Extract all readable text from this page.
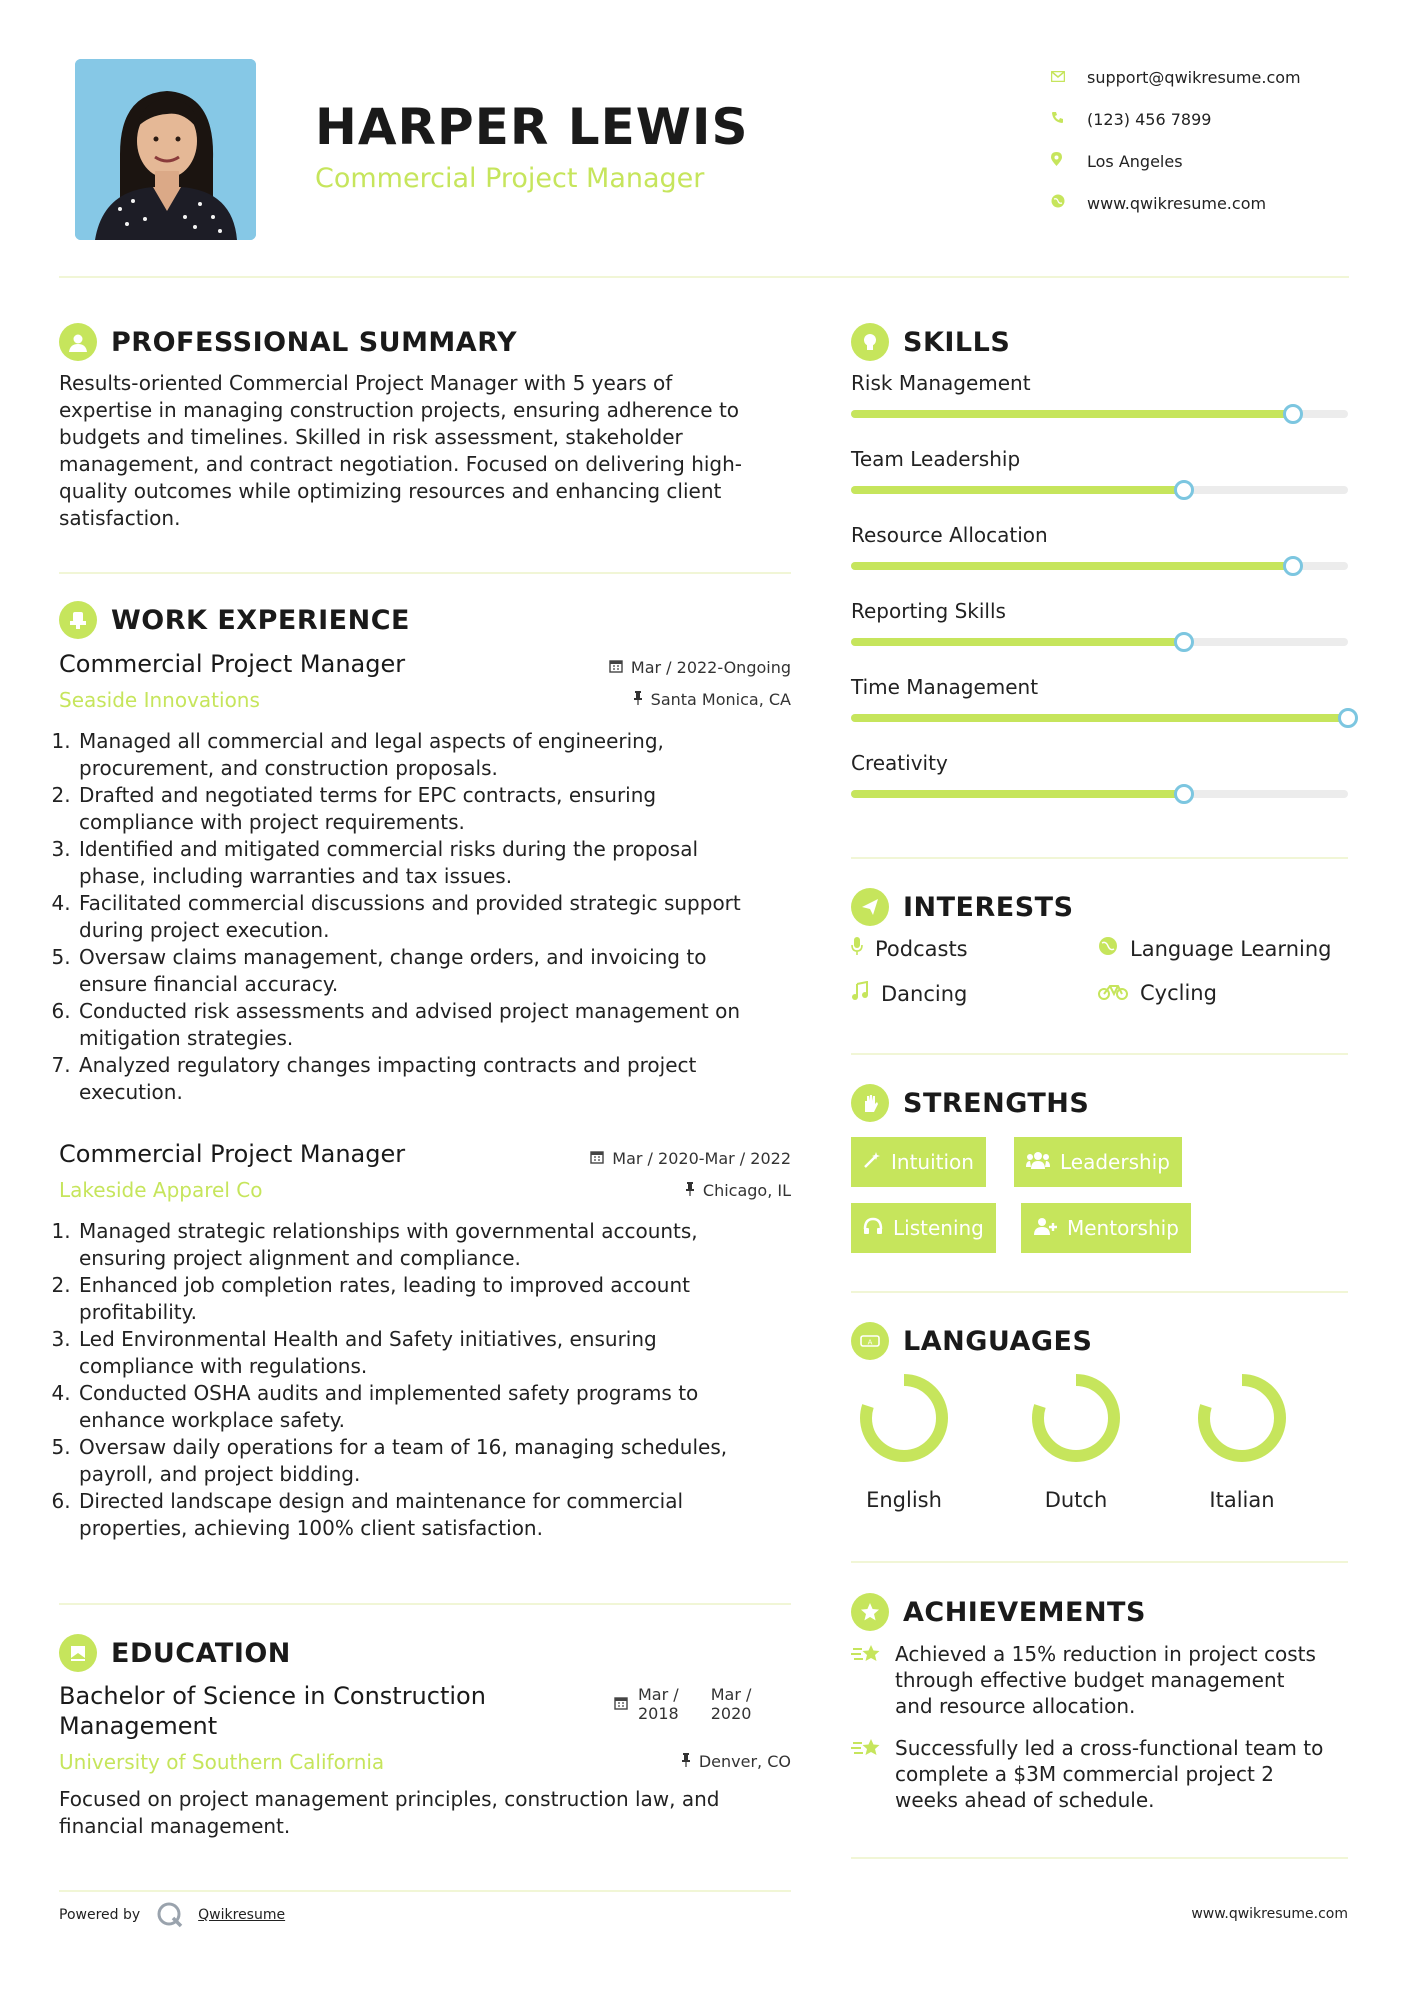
HARPER LEWIS
Commercial Project Manager
support@qwikresume.com
(123) 456 7899
Los Angeles
www.qwikresume.com
PROFESSIONAL SUMMARY
Results-oriented Commercial Project Manager with 5 years of
expertise in managing construction projects, ensuring adherence to
budgets and timelines. Skilled in risk assessment, stakeholder
management, and contract negotiation. Focused on delivering high-
quality outcomes while optimizing resources and enhancing client
satisfaction.
WORK EXPERIENCE
Commercial Project Manager	Mar / 2022-Ongoing
Seaside Innovations	Santa Monica, CA
1. Managed all commercial and legal aspects of engineering,
procurement, and construction proposals.
2. Drafted and negotiated terms for EPC contracts, ensuring
compliance with project requirements.
3. Identified and mitigated commercial risks during the proposal
phase, including warranties and tax issues.
4. Facilitated commercial discussions and provided strategic support
during project execution.
5. Oversaw claims management, change orders, and invoicing to
ensure financial accuracy.
6. Conducted risk assessments and advised project management on
mitigation strategies.
7. Analyzed regulatory changes impacting contracts and project
execution.
Commercial Project Manager	Mar / 2020-Mar / 2022
Lakeside Apparel Co	Chicago, IL
1. Managed strategic relationships with governmental accounts,
ensuring project alignment and compliance.
2. Enhanced job completion rates, leading to improved account
profitability.
3. Led Environmental Health and Safety initiatives, ensuring
compliance with regulations.
4. Conducted OSHA audits and implemented safety programs to
enhance workplace safety.
5. Oversaw daily operations for a team of 16, managing schedules,
payroll, and project bidding.
6. Directed landscape design and maintenance for commercial
properties, achieving 100% client satisfaction.
EDUCATION
Bachelor of Science in Construction
Management
Mar /
2018
Mar /
2020
University of Southern California	Denver, CO
Focused on project management principles, construction law, and
financial management.
SKILLS
Risk Management
Team Leadership
Resource Allocation
Reporting Skills
Time Management
Creativity
INTERESTS
Podcasts	Language Learning
Dancing	Cycling
STRENGTHS
Intuition	Leadership
Listening	Mentorship
A LANGUAGES
English	Dutch	Italian
ACHIEVEMENTS
Achieved a 15% reduction in project costs
through effective budget management
and resource allocation.
Successfully led a cross-functional team to
complete a $3M commercial project 2
weeks ahead of schedule.
Powered by	Qwikresume	www.qwikresume.com
